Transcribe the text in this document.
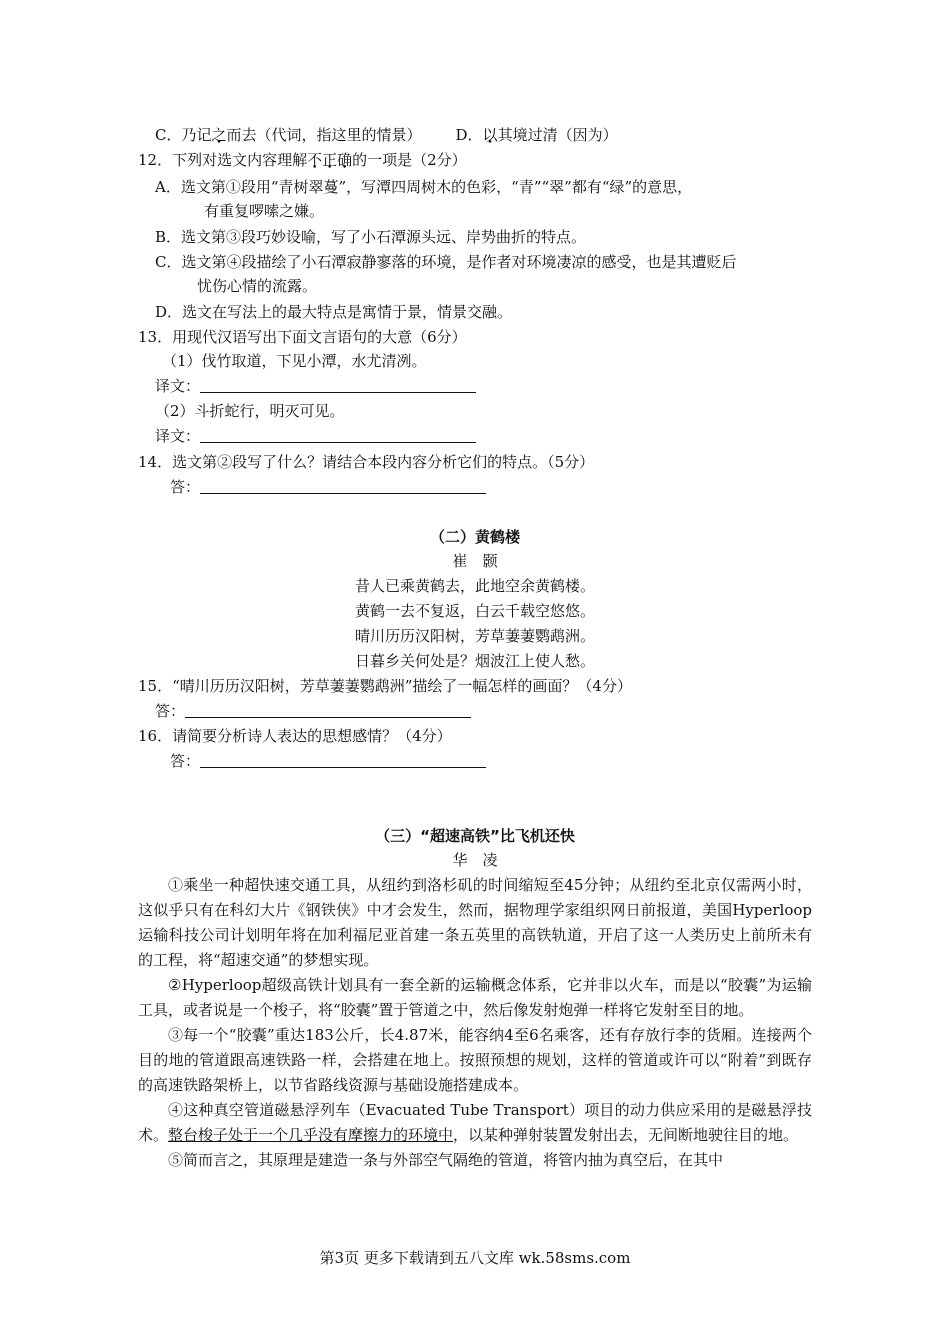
C．乃记之而去（代词，指这里的情景） D．以其境过清（因为）
12．下列对选文内容理解不正确的一项是（2分）
A．选文第①段用“青树翠蔓”，写潭四周树木的色彩，“青”“翠”都有“绿”的意思，
有重复啰嗦之嫌。
B．选文第③段巧妙设喻，写了小石潭源头远、岸势曲折的特点。
C．选文第④段描绘了小石潭寂静寥落的环境，是作者对环境凄凉的感受，也是其遭贬后
忧伤心情的流露。
D．选文在写法上的最大特点是寓情于景，情景交融。
13．用现代汉语写出下面文言语句的大意（6分）
（1）伐竹取道，下见小潭，水尤清冽。
译文：
（2）斗折蛇行，明灭可见。
译文：
14．选文第②段写了什么？请结合本段内容分析它们的特点。（5分）
答：
（二）黄鹤楼
崔　颢
昔人已乘黄鹤去，此地空余黄鹤楼。
黄鹤一去不复返，白云千载空悠悠。
晴川历历汉阳树，芳草萋萋鹦鹉洲。
日暮乡关何处是？烟波江上使人愁。
15．“晴川历历汉阳树，芳草萋萋鹦鹉洲”描绘了一幅怎样的画面？（4分）
答：
16．请简要分析诗人表达的思想感情？（4分）
答：
（三）“超速高铁”比飞机还快
华　凌

①乘坐一种超快速交通工具，从纽约到洛杉矶的时间缩短至45分钟；从纽约至北京仅需两小时，这似乎只有在科幻大片《钢铁侠》中才会发生，然而，据物理学家组织网日前报道，美国Hyperloop运输科技公司计划明年将在加利福尼亚首建一条五英里的高铁轨道，开启了这一人类历史上前所未有的工程，将“超速交通”的梦想实现。

②Hyperloop超级高铁计划具有一套全新的运输概念体系，它并非以火车，而是以“胶囊”为运输工具，或者说是一个梭子，将“胶囊”置于管道之中，然后像发射炮弹一样将它发射至目的地。

③每一个“胶囊”重达183公斤，长4.87米，能容纳4至6名乘客，还有存放行李的货厢。连接两个目的地的管道跟高速铁路一样，会搭建在地上。按照预想的规划，这样的管道或许可以“附着”到既存的高速铁路架桥上，以节省路线资源与基础设施搭建成本。

④这种真空管道磁悬浮列车（Evacuated Tube Transport）项目的动力供应采用的是磁悬浮技术。整台梭子处于一个几乎没有摩擦力的环境中，以某种弹射装置发射出去，无间断地驶往目的地。

⑤简而言之，其原理是建造一条与外部空气隔绝的管道，将管内抽为真空后，在其中

第3页 更多下载请到五八文库 wk.58sms.com
